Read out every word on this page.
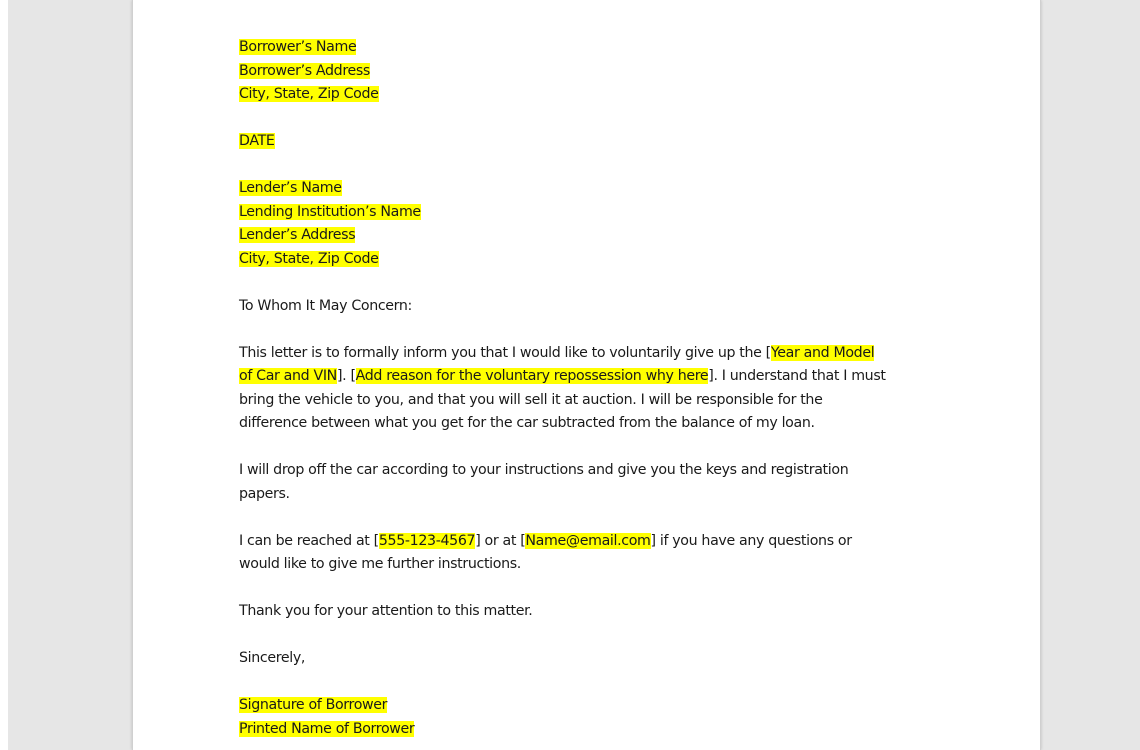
Borrower’s Name
Borrower’s Address
City, State, Zip Code
DATE
Lender’s Name
Lending Institution’s Name
Lender’s Address
City, State, Zip Code
To Whom It May Concern:
This letter is to formally inform you that I would like to voluntarily give up the [Year and Model
of Car and VIN]. [Add reason for the voluntary repossession why here]. I understand that I must
bring the vehicle to you, and that you will sell it at auction. I will be responsible for the
difference between what you get for the car subtracted from the balance of my loan.
I will drop off the car according to your instructions and give you the keys and registration
papers.
I can be reached at [555-123-4567] or at [Name@email.com] if you have any questions or
would like to give me further instructions.
Thank you for your attention to this matter.
Sincerely,
Signature of Borrower
Printed Name of Borrower
